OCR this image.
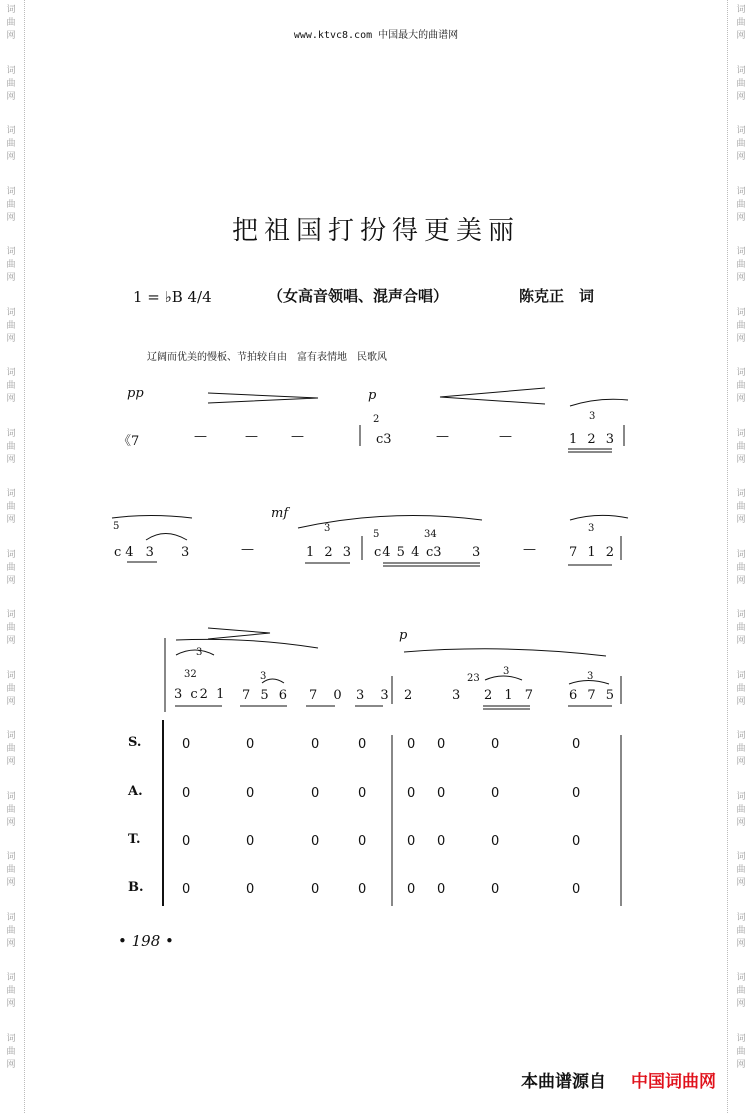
词
曲
网
词
曲
网
词
曲
网
词
曲
网
词
曲
网
词
曲
网
词
曲
网
词
曲
网
词
曲
网
词
曲
网
词
曲
网
词
曲
网
词
曲
网
词
曲
网
词
曲
网
词
曲
网
词
曲
网
词
曲
网
词
曲
网
词
曲
网
词
曲
网
词
曲
网
词
曲
网
词
曲
网
词
曲
网
词
曲
网
词
曲
网
词
曲
网
词
曲
网
词
曲
网
词
曲
网
词
曲
网
词
曲
网
词
曲
网
词
曲
网
词
曲
网
www.ktvc8.com 中国最大的曲谱网
把祖国打扮得更美丽
1 = ♭B 4/4	（女高音领唱、混声合唱）	陈克正　词
辽阔而优美的慢板、节拍较自由　富有表情地　民歌风
pp	p
《7	—	—	—
2
c3	—	—
3
1 2 3
5
c4 3 3	—
mf
3
1 2 3
5
c4 5 4
34
c3 3	—
3
7 1 2
p
3
32
3 c2 1
3
7 5 6 7 0 3 3 2	3
23
3
2 1 7
3
6 7 5
S.	0	0	0	0	0 0	0	0
A.	0	0	0	0	0 0	0	0
T.	0	0	0	0	0 0	0	0
B.	0	0	0	0	0 0	0	0
• 198 •
本曲谱源自 中国词曲网
